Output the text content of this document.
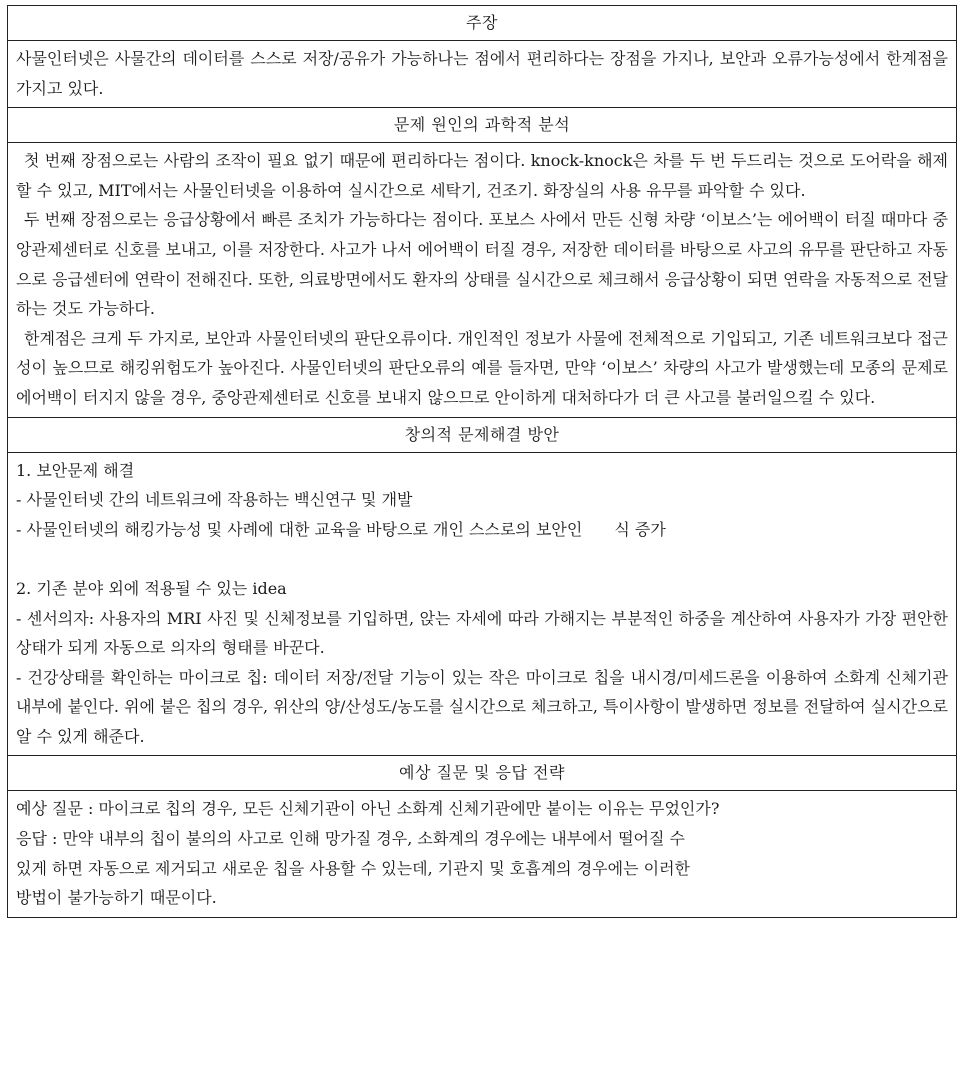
주장

사물인터넷은 사물간의 데이터를 스스로 저장/공유가 가능하나는 점에서 편리하다는 장점을 가지나, 보안과 오류가능성에서 한계점을 가지고 있다.

문제 원인의 과학적 분석

첫 번째 장점으로는 사람의 조작이 필요 없기 때문에 편리하다는 점이다. knock-knock은 차를 두 번 두드리는 것으로 도어락을 해제할 수 있고, MIT에서는 사물인터넷을 이용하여 실시간으로 세탁기, 건조기. 화장실의 사용 유무를 파악할 수 있다.

두 번째 장점으로는 응급상황에서 빠른 조치가 가능하다는 점이다. 포보스 사에서 만든 신형 차량 ‘이보스’는 에어백이 터질 때마다 중앙관제센터로 신호를 보내고, 이를 저장한다. 사고가 나서 에어백이 터질 경우, 저장한 데이터를 바탕으로 사고의 유무를 판단하고 자동으로 응급센터에 연락이 전해진다. 또한, 의료방면에서도 환자의 상태를 실시간으로 체크해서 응급상황이 되면 연락을 자동적으로 전달하는 것도 가능하다.

한계점은 크게 두 가지로, 보안과 사물인터넷의 판단오류이다. 개인적인 정보가 사물에 전체적으로 기입되고, 기존 네트워크보다 접근성이 높으므로 해킹위험도가 높아진다. 사물인터넷의 판단오류의 예를 들자면, 만약 ‘이보스’ 차량의 사고가 발생했는데 모종의 문제로 에어백이 터지지 않을 경우, 중앙관제센터로 신호를 보내지 않으므로 안이하게 대처하다가 더 큰 사고를 불러일으킬 수 있다.

창의적 문제해결 방안

1. 보안문제 해결

- 사물인터넷 간의 네트워크에 작용하는 백신연구 및 개발

- 사물인터넷의 해킹가능성 및 사례에 대한 교육을 바탕으로 개인 스스로의 보안인　　식 증가

2. 기존 분야 외에 적용될 수 있는 idea

- 센서의자: 사용자의 MRI 사진 및 신체정보를 기입하면, 앉는 자세에 따라 가해지는 부분적인 하중을 계산하여 사용자가 가장 편안한 상태가 되게 자동으로 의자의 형태를 바꾼다.

- 건강상태를 확인하는 마이크로 칩: 데이터 저장/전달 기능이 있는 작은 마이크로 칩을 내시경/미세드론을 이용하여 소화계 신체기관 내부에 붙인다. 위에 붙은 칩의 경우, 위산의 양/산성도/농도를 실시간으로 체크하고, 특이사항이 발생하면 정보를 전달하여 실시간으로 알 수 있게 해준다.

예상 질문 및 응답 전략

예상 질문 : 마이크로 칩의 경우, 모든 신체기관이 아닌 소화계 신체기관에만 붙이는 이유는 무었인가?

응답 : 만약 내부의 칩이 불의의 사고로 인해 망가질 경우, 소화계의 경우에는 내부에서 떨어질 수

있게 하면 자동으로 제거되고 새로운 칩을 사용할 수 있는데, 기관지 및 호흡계의 경우에는 이러한

방법이 불가능하기 때문이다.
